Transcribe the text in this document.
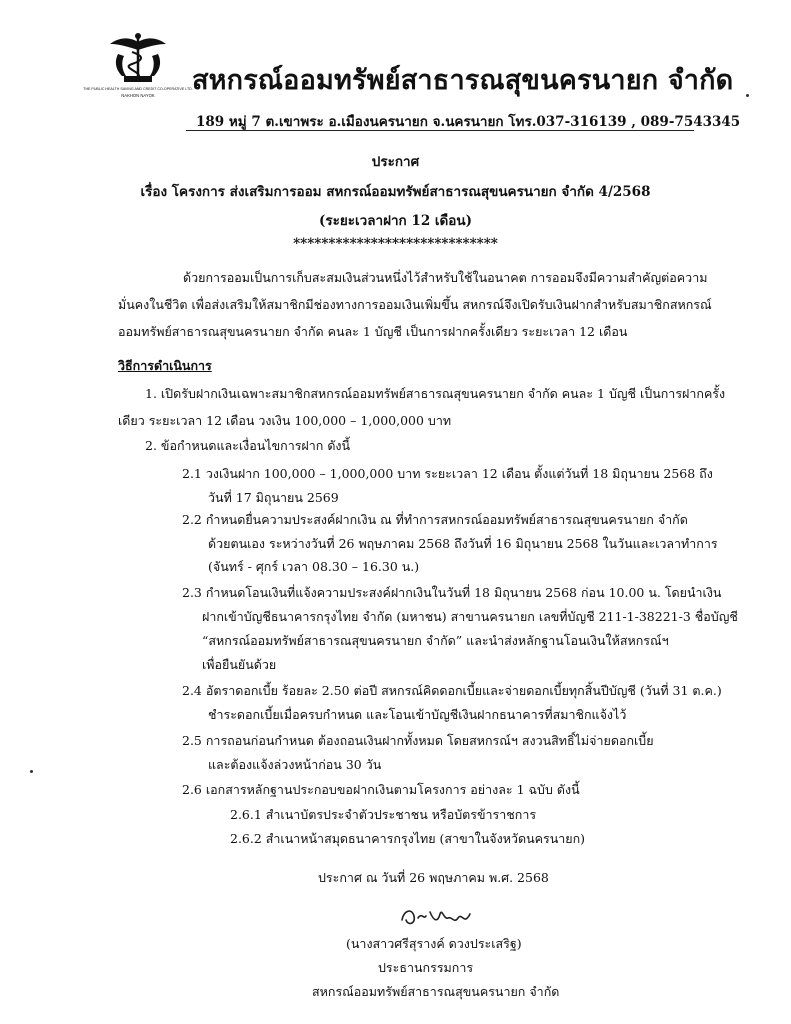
THE PUBLIC HEALTH SAVING AND CREDIT CO-OPERATIVE LTD.
NAKHON NAYOK สหกรณ์ออมทรัพย์สาธารณสุขนครนายก จำกัด
189 หมู่ 7 ต.เขาพระ อ.เมืองนครนายก จ.นครนายก โทร.037-316139 , 089-7543345
ประกาศ
เรื่อง โครงการ ส่งเสริมการออม สหกรณ์ออมทรัพย์สาธารณสุขนครนายก จำกัด 4/2568
(ระยะเวลาฝาก 12 เดือน)
*****************************
ด้วยการออมเป็นการเก็บสะสมเงินส่วนหนึ่งไว้สำหรับใช้ในอนาคต การออมจึงมีความสำคัญต่อความ
มั่นคงในชีวิต เพื่อส่งเสริมให้สมาชิกมีช่องทางการออมเงินเพิ่มขึ้น สหกรณ์จึงเปิดรับเงินฝากสำหรับสมาชิกสหกรณ์
ออมทรัพย์สาธารณสุขนครนายก จำกัด คนละ 1 บัญชี เป็นการฝากครั้งเดียว ระยะเวลา 12 เดือน
วิธีการดำเนินการ
1. เปิดรับฝากเงินเฉพาะสมาชิกสหกรณ์ออมทรัพย์สาธารณสุขนครนายก จำกัด คนละ 1 บัญชี เป็นการฝากครั้ง
เดียว ระยะเวลา 12 เดือน วงเงิน 100,000 – 1,000,000 บาท
2. ข้อกำหนดและเงื่อนไขการฝาก ดังนี้
2.1 วงเงินฝาก 100,000 – 1,000,000 บาท ระยะเวลา 12 เดือน ตั้งแต่วันที่ 18 มิถุนายน 2568 ถึง
วันที่ 17 มิถุนายน 2569
2.2 กำหนดยื่นความประสงค์ฝากเงิน ณ ที่ทำการสหกรณ์ออมทรัพย์สาธารณสุขนครนายก จำกัด
ด้วยตนเอง ระหว่างวันที่ 26 พฤษภาคม 2568 ถึงวันที่ 16 มิถุนายน 2568 ในวันและเวลาทำการ
(จันทร์ - ศุกร์ เวลา 08.30 – 16.30 น.)
2.3 กำหนดโอนเงินที่แจ้งความประสงค์ฝากเงินในวันที่ 18 มิถุนายน 2568 ก่อน 10.00 น. โดยนำเงิน
ฝากเข้าบัญชีธนาคารกรุงไทย จำกัด (มหาชน) สาขานครนายก เลขที่บัญชี 211-1-38221-3 ชื่อบัญชี
“สหกรณ์ออมทรัพย์สาธารณสุขนครนายก จำกัด” และนำส่งหลักฐานโอนเงินให้สหกรณ์ฯ
เพื่อยืนยันด้วย
2.4 อัตราดอกเบี้ย ร้อยละ 2.50 ต่อปี สหกรณ์คิดดอกเบี้ยและจ่ายดอกเบี้ยทุกสิ้นปีบัญชี (วันที่ 31 ต.ค.)
ชำระดอกเบี้ยเมื่อครบกำหนด และโอนเข้าบัญชีเงินฝากธนาคารที่สมาชิกแจ้งไว้
2.5 การถอนก่อนกำหนด ต้องถอนเงินฝากทั้งหมด โดยสหกรณ์ฯ สงวนสิทธิ์ไม่จ่ายดอกเบี้ย
และต้องแจ้งล่วงหน้าก่อน 30 วัน
2.6 เอกสารหลักฐานประกอบขอฝากเงินตามโครงการ อย่างละ 1 ฉบับ ดังนี้
2.6.1 สำเนาบัตรประจำตัวประชาชน หรือบัตรข้าราชการ
2.6.2 สำเนาหน้าสมุดธนาคารกรุงไทย (สาขาในจังหวัดนครนายก)
ประกาศ ณ วันที่ 26 พฤษภาคม พ.ศ. 2568
(นางสาวศรีสุรางค์ ดวงประเสริฐ)
ประธานกรรมการ
สหกรณ์ออมทรัพย์สาธารณสุขนครนายก จำกัด
